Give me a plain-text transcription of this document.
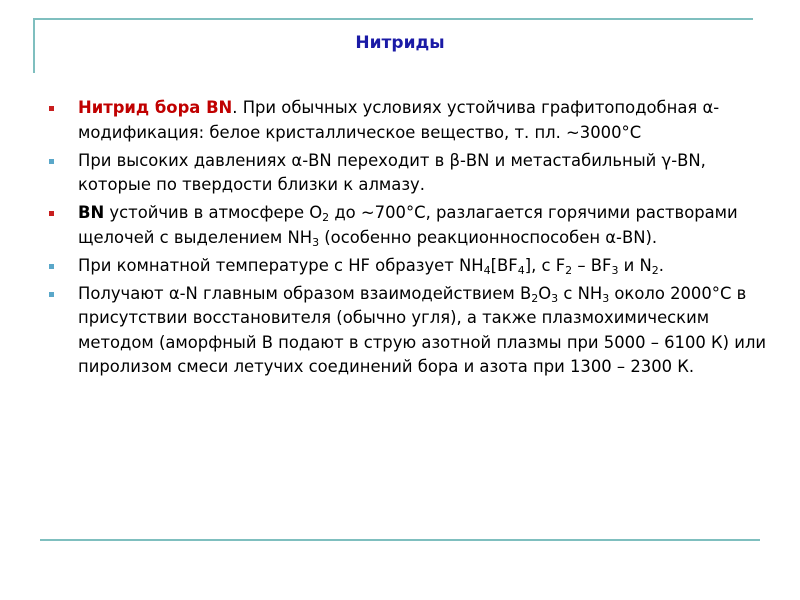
Нитриды
Нитрид бора BN. При обычных условиях устойчива графитоподобная α-модификация: белое кристаллическое вещество, т. пл. ~3000°С
При высоких давлениях α-BN переходит в β-BN и метастабильный γ-BN, которые по твердости близки к алмазу.
BN устойчив в атмосфере $O_2$ до ~700°С, разлагается горячими растворами щелочей с выделением $NH_3$ (особенно реакционноспособен α-BN).
При комнатной температуре с HF образует $NH_4[BF_4]$, с $F_2 - BF_3$ и $N_2$.
Получают α-N главным образом взаимодействием $B_2O_3$ с $NH_3$ около 2000°С в присутствии восстановителя (обычно угля), а также плазмохимическим методом (аморфный B подают в струю азотной плазмы при 5000 – 6100 К) или пиролизом смеси летучих соединений бора и азота при 1300 – 2300 К.
